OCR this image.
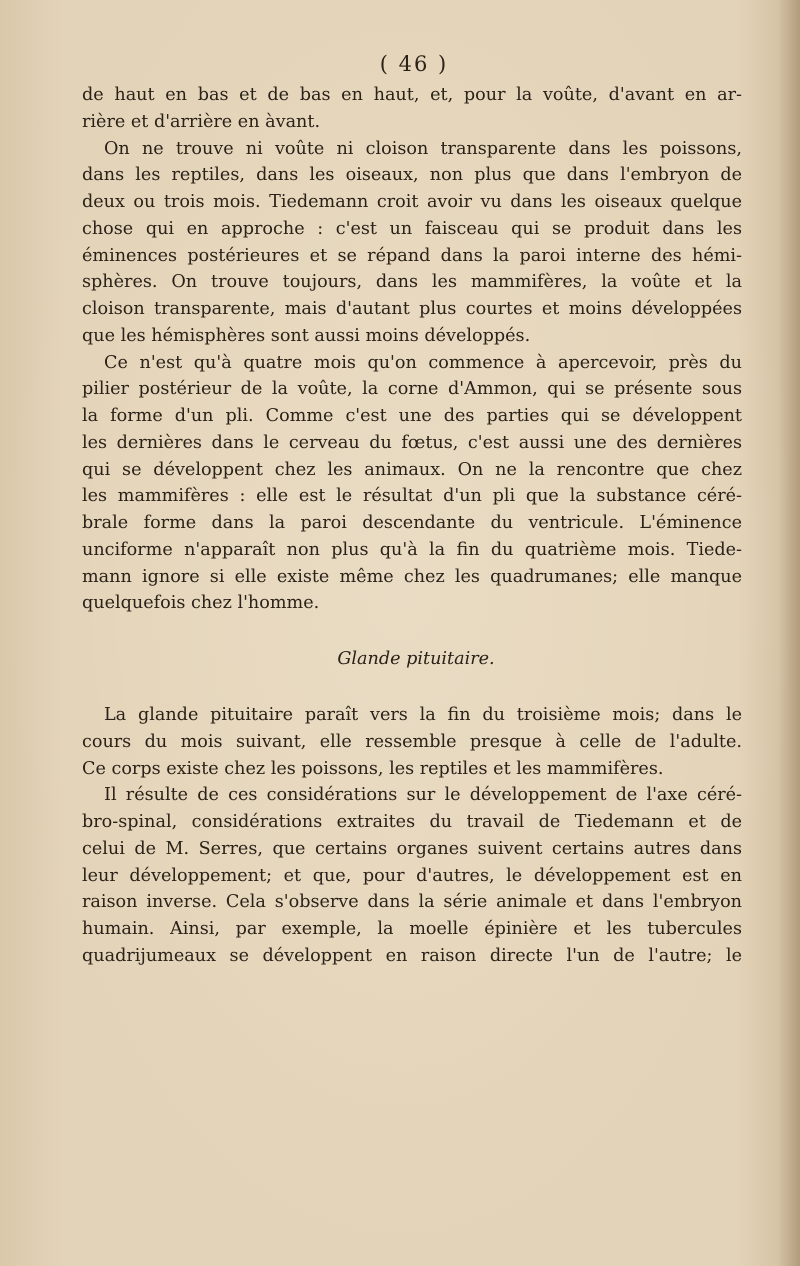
( 46 )

de haut en bas et de bas en haut, et, pour la voûte, d'avant en ar-

rière et d'arrière en àvant.

On ne trouve ni voûte ni cloison transparente dans les poissons,

dans les reptiles, dans les oiseaux, non plus que dans l'embryon de

deux ou trois mois. Tiedemann croit avoir vu dans les oiseaux quelque

chose qui en approche : c'est un faisceau qui se produit dans les

éminences postérieures et se répand dans la paroi interne des hémi-

sphères. On trouve toujours, dans les mammifères, la voûte et la

cloison transparente, mais d'autant plus courtes et moins développées

que les hémisphères sont aussi moins développés.

Ce n'est qu'à quatre mois qu'on commence à apercevoir, près du

pilier postérieur de la voûte, la corne d'Ammon, qui se présente sous

la forme d'un pli. Comme c'est une des parties qui se développent

les dernières dans le cerveau du fœtus, c'est aussi une des dernières

qui se développent chez les animaux. On ne la rencontre que chez

les mammifères : elle est le résultat d'un pli que la substance céré-

brale forme dans la paroi descendante du ventricule. L'éminence

unciforme n'apparaît non plus qu'à la fin du quatrième mois. Tiede-

mann ignore si elle existe même chez les quadrumanes; elle manque

quelquefois chez l'homme.

Glande pituitaire.

La glande pituitaire paraît vers la fin du troisième mois; dans le

cours du mois suivant, elle ressemble presque à celle de l'adulte.

Ce corps existe chez les poissons, les reptiles et les mammifères.

Il résulte de ces considérations sur le développement de l'axe céré-

bro-spinal, considérations extraites du travail de Tiedemann et de

celui de M. Serres, que certains organes suivent certains autres dans

leur développement; et que, pour d'autres, le développement est en

raison inverse. Cela s'observe dans la série animale et dans l'embryon

humain. Ainsi, par exemple, la moelle épinière et les tubercules

quadrijumeaux se développent en raison directe l'un de l'autre; le
